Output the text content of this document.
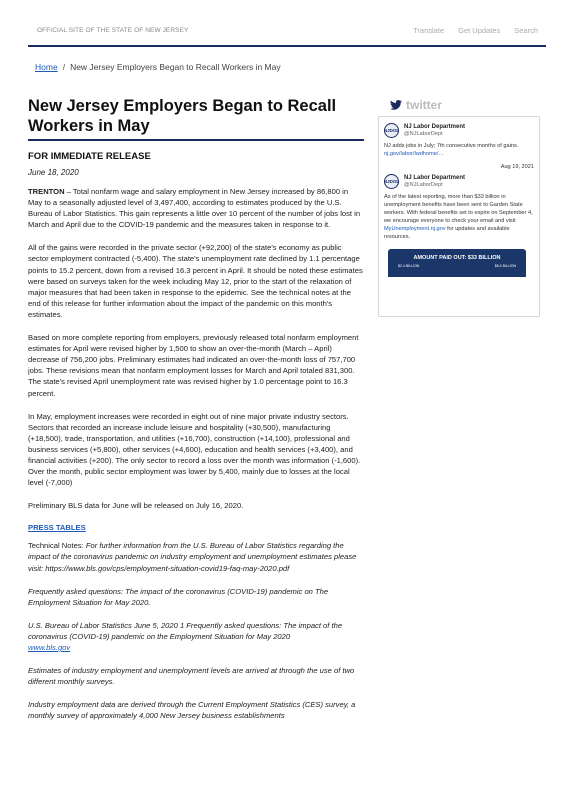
OFFICIAL SITE OF THE STATE OF NEW JERSEY	Translate Get Updates Search
Home / New Jersey Employers Began to Recall Workers in May
New Jersey Employers Began to Recall Workers in May
FOR IMMEDIATE RELEASE
June 18, 2020

TRENTON – Total nonfarm wage and salary employment in New Jersey increased by 86,800 in May to a seasonally adjusted level of 3,497,400, according to estimates produced by the U.S. Bureau of Labor Statistics. This gain represents a little over 10 percent of the number of jobs lost in March and April due to the COVID-19 pandemic and the measures taken in response to it.

All of the gains were recorded in the private sector (+92,200) of the state's economy as public sector employment contracted (-5,400). The state's unemployment rate declined by 1.1 percentage points to 15.2 percent, down from a revised 16.3 percent in April. It should be noted these estimates were based on surveys taken for the week including May 12, prior to the start of the relaxation of major measures that had been taken in response to the epidemic. See the technical notes at the end of this release for further information about the impact of the pandemic on this month's estimates.

Based on more complete reporting from employers, previously released total nonfarm employment estimates for April were revised higher by 1,500 to show an over-the-month (March – April) decrease of 756,200 jobs. Preliminary estimates had indicated an over-the-month loss of 757,700 jobs. These revisions mean that nonfarm employment losses for March and April totaled 831,300. The state's revised April unemployment rate was revised higher by 1.0 percentage point to 16.3 percent.

In May, employment increases were recorded in eight out of nine major private industry sectors. Sectors that recorded an increase include leisure and hospitality (+30,500), manufacturing (+18,500), trade, transportation, and utilities (+16,700), construction (+14,100), professional and business services (+5,800), other services (+4,600), education and health services (+3,400), and financial activities (+200). The only sector to record a loss over the month was information (-1,600). Over the month, public sector employment was lower by 5,400, mainly due to losses at the local level (-7,000)

Preliminary BLS data for June will be released on July 16, 2020.

PRESS TABLES

Technical Notes: For further information from the U.S. Bureau of Labor Statistics regarding the impact of the coronavirus pandemic on industry employment and unemployment estimates please visit: https://www.bls.gov/cps/employment-situation-covid19-faq-may-2020.pdf

Frequently asked questions: The impact of the coronavirus (COVID-19) pandemic on The Employment Situation for May 2020.

U.S. Bureau of Labor Statistics June 5, 2020 1 Frequently asked questions: The impact of the coronavirus (COVID-19) pandemic on the Employment Situation for May 2020
www.bls.gov

Estimates of industry employment and unemployment levels are arrived at through the use of two different monthly surveys.

Industry employment data are derived through the Current Employment Statistics (CES) survey, a monthly survey of approximately 4,000 New Jersey business establishments

twitter
NJDOL
NJ Labor Department
@NJLaborDept
NJ adds jobs in July; 7th consecutive months of gains. nj.gov/labor/lwdhome/…
Aug 19, 2021
NJDOL
NJ Labor Department
@NJLaborDept
As of the latest reporting, more than $33 billion in unemployment benefits have been sent to Garden State workers. With federal benefits set to expire on September 4, we encourage everyone to check your email and visit MyUnemployment.nj.gov for updates and available resources.
AMOUNT PAID OUT: $33 BILLION
$2.4 BILLION	$8.4 BILLION
